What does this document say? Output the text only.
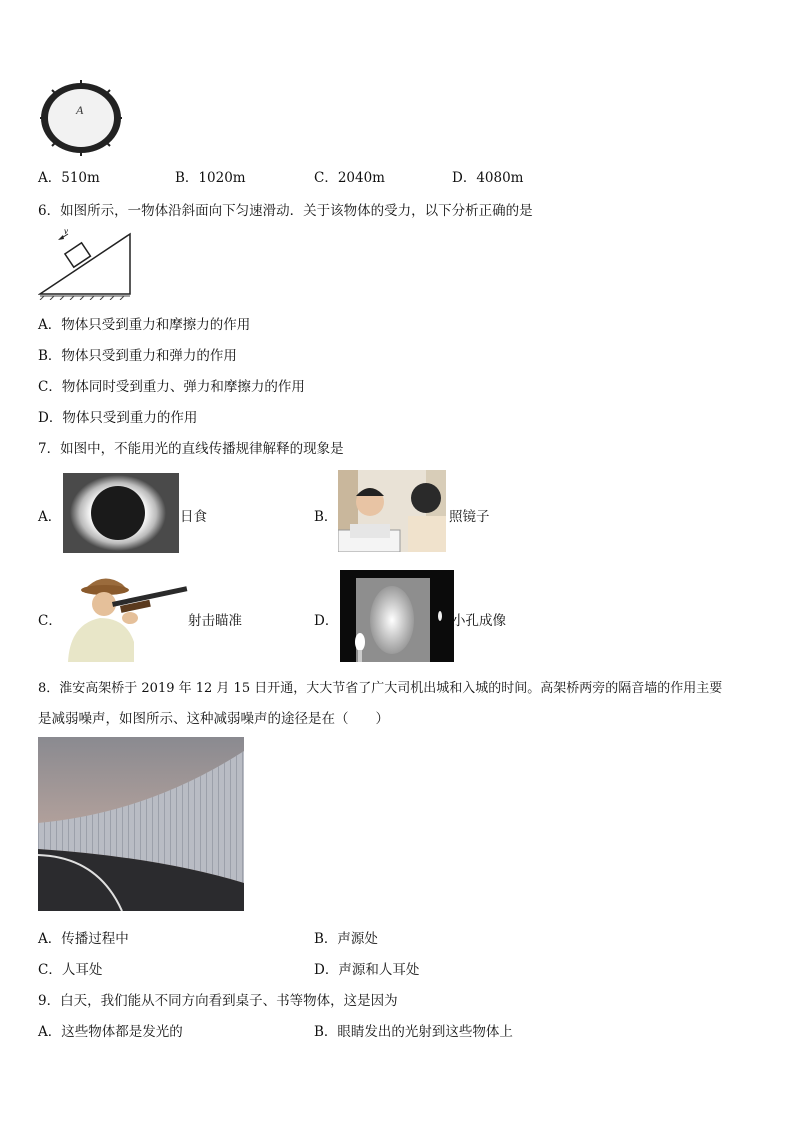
A
A．510m	B．1020m	C．2040m	D．4080m
6．如图所示，一物体沿斜面向下匀速滑动．关于该物体的受力，以下分析正确的是
v
A．物体只受到重力和摩擦力的作用
B．物体只受到重力和弹力的作用
C．物体同时受到重力、弹力和摩擦力的作用
D．物体只受到重力的作用
7．如图中，不能用光的直线传播规律解释的现象是
A．	日食	B．	照镜子
C．	射击瞄准	D．	小孔成像
8．淮安高架桥于 2019 年 12 月 15 日开通，大大节省了广大司机出城和入城的时间。高架桥两旁的隔音墙的作用主要
是减弱噪声，如图所示、这种减弱噪声的途径是在（　　）
A．传播过程中	B．声源处
C．人耳处	D．声源和人耳处
9．白天，我们能从不同方向看到桌子、书等物体，这是因为
A．这些物体都是发光的	B．眼睛发出的光射到这些物体上
